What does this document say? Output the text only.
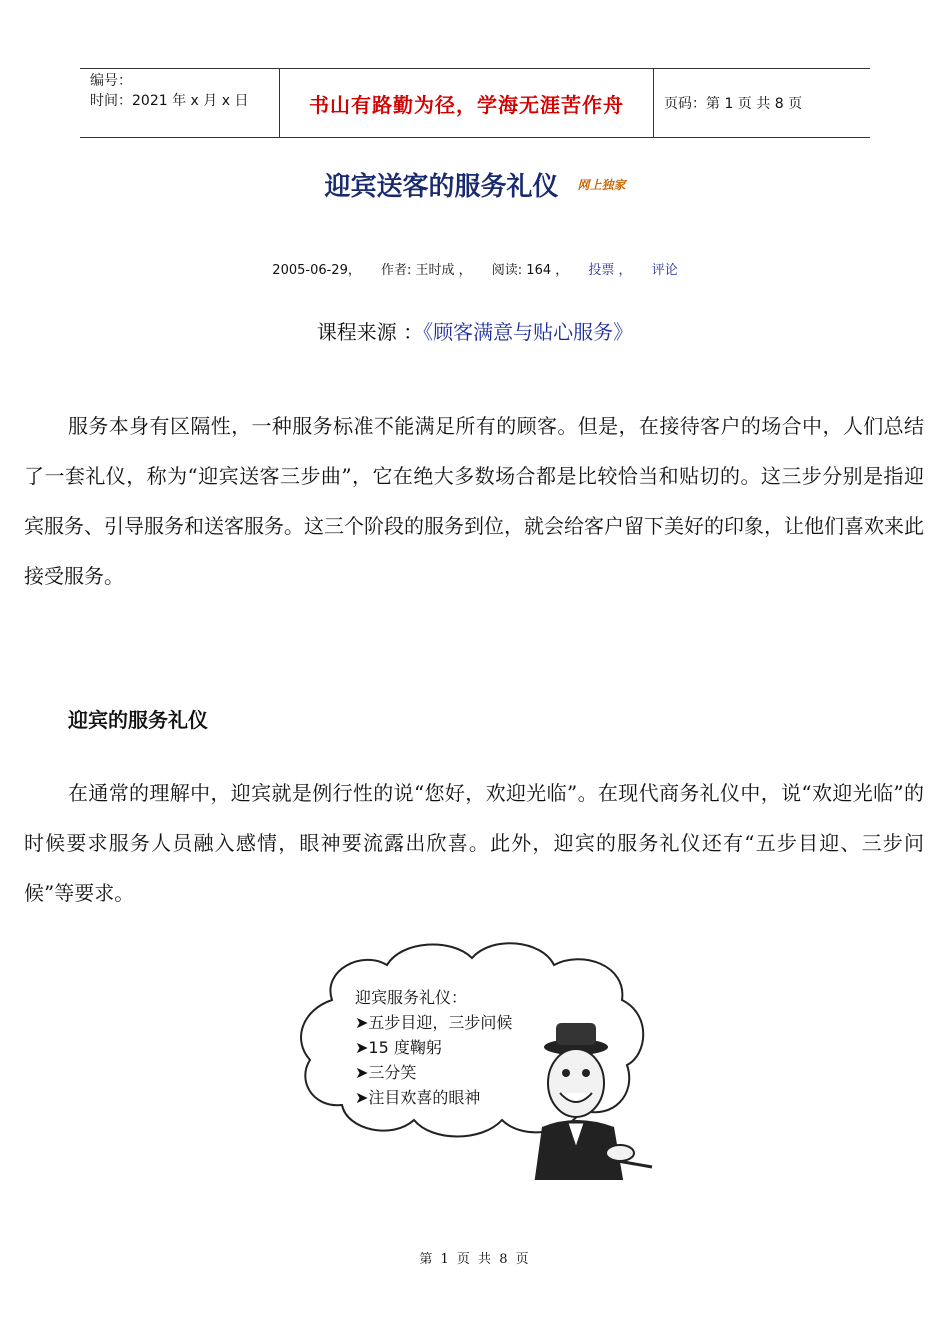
编号：
时间：2021 年 x 月 x 日	书山有路勤为径，学海无涯苦作舟	页码：第 1 页 共 8 页
迎宾送客的服务礼仪 网上独家
2005-06-29， 作者: 王时成 ， 阅读: 164 ， 投票 ， 评论
课程来源 ：《顾客满意与贴心服务》
服务本身有区隔性，一种服务标准不能满足所有的顾客。但是，在接待客户的场合中，人们总结了一套礼仪，称为“迎宾送客三步曲”，它在绝大多数场合都是比较恰当和贴切的。这三步分别是指迎宾服务、引导服务和送客服务。这三个阶段的服务到位，就会给客户留下美好的印象，让他们喜欢来此接受服务。
迎宾的服务礼仪
在通常的理解中，迎宾就是例行性的说“您好，欢迎光临”。在现代商务礼仪中，说“欢迎光临”的时候要求服务人员融入感情，眼神要流露出欣喜。此外，迎宾的服务礼仪还有“五步目迎、三步问候”等要求。
迎宾服务礼仪：
➤五步目迎，三步问候
➤15 度鞠躬
➤三分笑
➤注目欢喜的眼神
第 1 页 共 8 页
